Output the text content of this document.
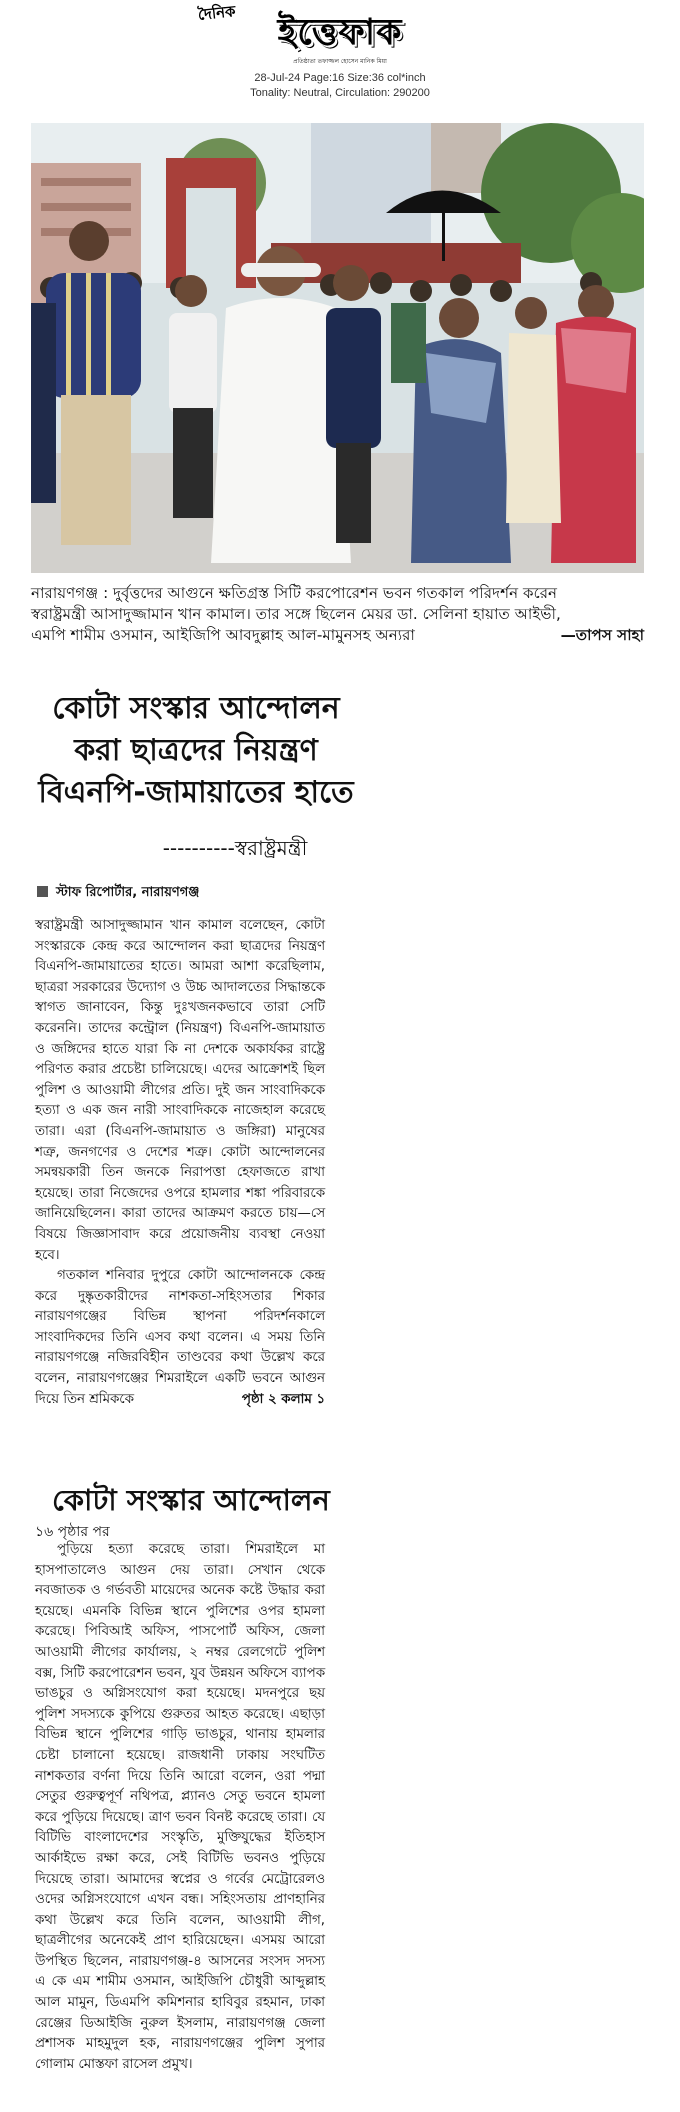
দৈনিক	ইত্তেফাক
প্রতিষ্ঠাতা তফাজ্জল হোসেন মানিক মিয়া
28-Jul-24 Page:16 Size:36 col*inch
Tonality: Neutral, Circulation: 290200
নারায়ণগঞ্জ : দুর্বৃত্তদের আগুনে ক্ষতিগ্রস্ত সিটি করপোরেশন ভবন গতকাল পরিদর্শন করেন
স্বরাষ্ট্রমন্ত্রী আসাদুজ্জামান খান কামাল। তার সঙ্গে ছিলেন মেয়র ডা. সেলিনা হায়াত আইভী,
এমপি শামীম ওসমান, আইজিপি আবদুল্লাহ আল-মামুনসহ অন্যরা	—তাপস সাহা
কোটা সংস্কার আন্দোলন
করা ছাত্রদের নিয়ন্ত্রণ
বিএনপি-জামায়াতের হাতে
----------স্বরাষ্ট্রমন্ত্রী
স্টাফ রিপোর্টার, নারায়ণগঞ্জ

স্বরাষ্ট্রমন্ত্রী আসাদুজ্জামান খান কামাল বলেছেন, কোটা সংস্কারকে কেন্দ্র করে আন্দোলন করা ছাত্রদের নিয়ন্ত্রণ বিএনপি-জামায়াতের হাতে। আমরা আশা করেছিলাম, ছাত্ররা সরকারের উদ্যোগ ও উচ্চ আদালতের সিদ্ধান্তকে স্বাগত জানাবেন, কিন্তু দুঃখজনকভাবে তারা সেটি করেননি। তাদের কন্ট্রোল (নিয়ন্ত্রণ) বিএনপি-জামায়াত ও জঙ্গিদের হাতে যারা কি না দেশকে অকার্যকর রাষ্ট্রে পরিণত করার প্রচেষ্টা চালিয়েছে। এদের আক্রোশই ছিল পুলিশ ও আওয়ামী লীগের প্রতি। দুই জন সাংবাদিককে হত্যা ও এক জন নারী সাংবাদিককে নাজেহাল করেছে তারা। এরা (বিএনপি-জামায়াত ও জঙ্গিরা) মানুষের শত্রু, জনগণের ও দেশের শত্রু। কোটা আন্দোলনের সমন্বয়কারী তিন জনকে নিরাপত্তা হেফাজতে রাখা হয়েছে। তারা নিজেদের ওপরে হামলার শঙ্কা পরিবারকে জানিয়েছিলেন। কারা তাদের আক্রমণ করতে চায়—সে বিষয়ে জিজ্ঞাসাবাদ করে প্রয়োজনীয় ব্যবস্থা নেওয়া হবে।

গতকাল শনিবার দুপুরে কোটা আন্দোলনকে কেন্দ্র করে দুষ্কৃতকারীদের নাশকতা-সহিংসতার শিকার নারায়ণগঞ্জের বিভিন্ন স্থাপনা পরিদর্শনকালে সাংবাদিকদের তিনি এসব কথা বলেন। এ সময় তিনি নারায়ণগঞ্জে নজিরবিহীন তাণ্ডবের কথা উল্লেখ করে বলেন, নারায়ণগঞ্জের শিমরাইলে একটি ভবনে আগুন দিয়ে তিন শ্রমিককে	পৃষ্ঠা ২ কলাম ১

কোটা সংস্কার আন্দোলন
১৬ পৃষ্ঠার পর

পুড়িয়ে হত্যা করেছে তারা। শিমরাইলে মা হাসপাতালেও আগুন দেয় তারা। সেখান থেকে নবজাতক ও গর্ভবতী মায়েদের অনেক কষ্টে উদ্ধার করা হয়েছে। এমনকি বিভিন্ন স্থানে পুলিশের ওপর হামলা করেছে। পিবিআই অফিস, পাসপোর্ট অফিস, জেলা আওয়ামী লীগের কার্যালয়, ২ নম্বর রেলগেটে পুলিশ বক্স, সিটি করপোরেশন ভবন, যুব উন্নয়ন অফিসে ব্যাপক ভাঙচুর ও অগ্নিসংযোগ করা হয়েছে। মদনপুরে ছয় পুলিশ সদস্যকে কুপিয়ে গুরুতর আহত করেছে। এছাড়া বিভিন্ন স্থানে পুলিশের গাড়ি ভাঙচুর, থানায় হামলার চেষ্টা চালানো হয়েছে। রাজধানী ঢাকায় সংঘটিত নাশকতার বর্ণনা দিয়ে তিনি আরো বলেন, ওরা পদ্মা সেতুর গুরুত্বপূর্ণ নথিপত্র, প্ল্যানও সেতু ভবনে হামলা করে পুড়িয়ে দিয়েছে। ত্রাণ ভবন বিনষ্ট করেছে তারা। যে বিটিভি বাংলাদেশের সংস্কৃতি, মুক্তিযুদ্ধের ইতিহাস আর্কাইভে রক্ষা করে, সেই বিটিভি ভবনও পুড়িয়ে দিয়েছে তারা। আমাদের স্বপ্নের ও গর্বের মেট্রোরেলও ওদের অগ্নিসংযোগে এখন বন্ধ। সহিংসতায় প্রাণহানির কথা উল্লেখ করে তিনি বলেন, আওয়ামী লীগ, ছাত্রলীগের অনেকেই প্রাণ হারিয়েছেন। এসময় আরো উপস্থিত ছিলেন, নারায়ণগঞ্জ-৪ আসনের সংসদ সদস্য এ কে এম শামীম ওসমান, আইজিপি চৌধুরী আব্দুল্লাহ আল মামুন, ডিএমপি কমিশনার হাবিবুর রহমান, ঢাকা রেঞ্জের ডিআইজি নুরুল ইসলাম, নারায়ণগঞ্জ জেলা প্রশাসক মাহমুদুল হক, নারায়ণগঞ্জের পুলিশ সুপার গোলাম মোস্তফা রাসেল প্রমুখ।
